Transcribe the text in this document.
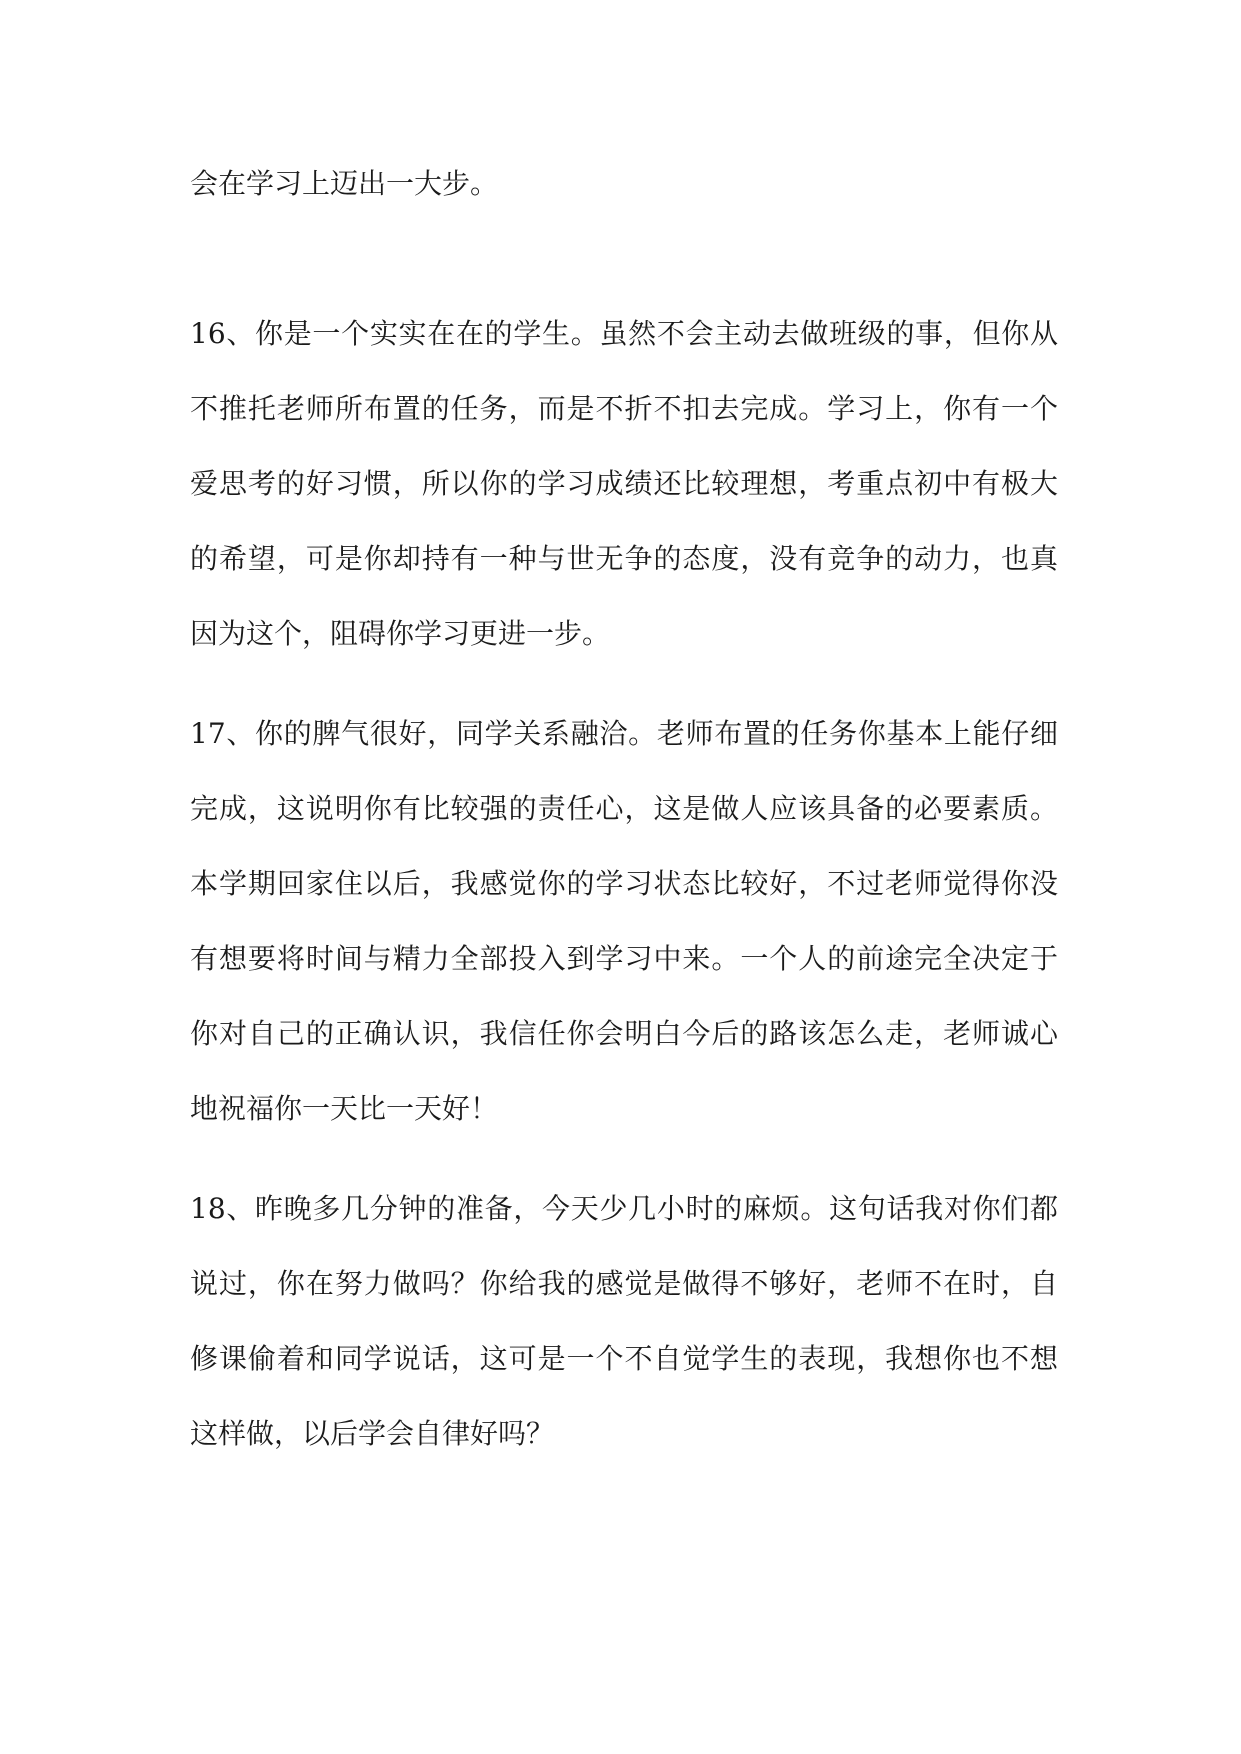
会在学习上迈出一大步。
16、你是一个实实在在的学生。虽然不会主动去做班级的事，但你从
不推托老师所布置的任务，而是不折不扣去完成。学习上，你有一个
爱思考的好习惯，所以你的学习成绩还比较理想，考重点初中有极大
的希望，可是你却持有一种与世无争的态度，没有竞争的动力，也真
因为这个，阻碍你学习更进一步。
17、你的脾气很好，同学关系融洽。老师布置的任务你基本上能仔细
完成，这说明你有比较强的责任心，这是做人应该具备的必要素质。
本学期回家住以后，我感觉你的学习状态比较好，不过老师觉得你没
有想要将时间与精力全部投入到学习中来。一个人的前途完全决定于
你对自己的正确认识，我信任你会明白今后的路该怎么走，老师诚心
地祝福你一天比一天好！
18、昨晚多几分钟的准备，今天少几小时的麻烦。这句话我对你们都
说过，你在努力做吗？你给我的感觉是做得不够好，老师不在时，自
修课偷着和同学说话，这可是一个不自觉学生的表现，我想你也不想
这样做，以后学会自律好吗？
